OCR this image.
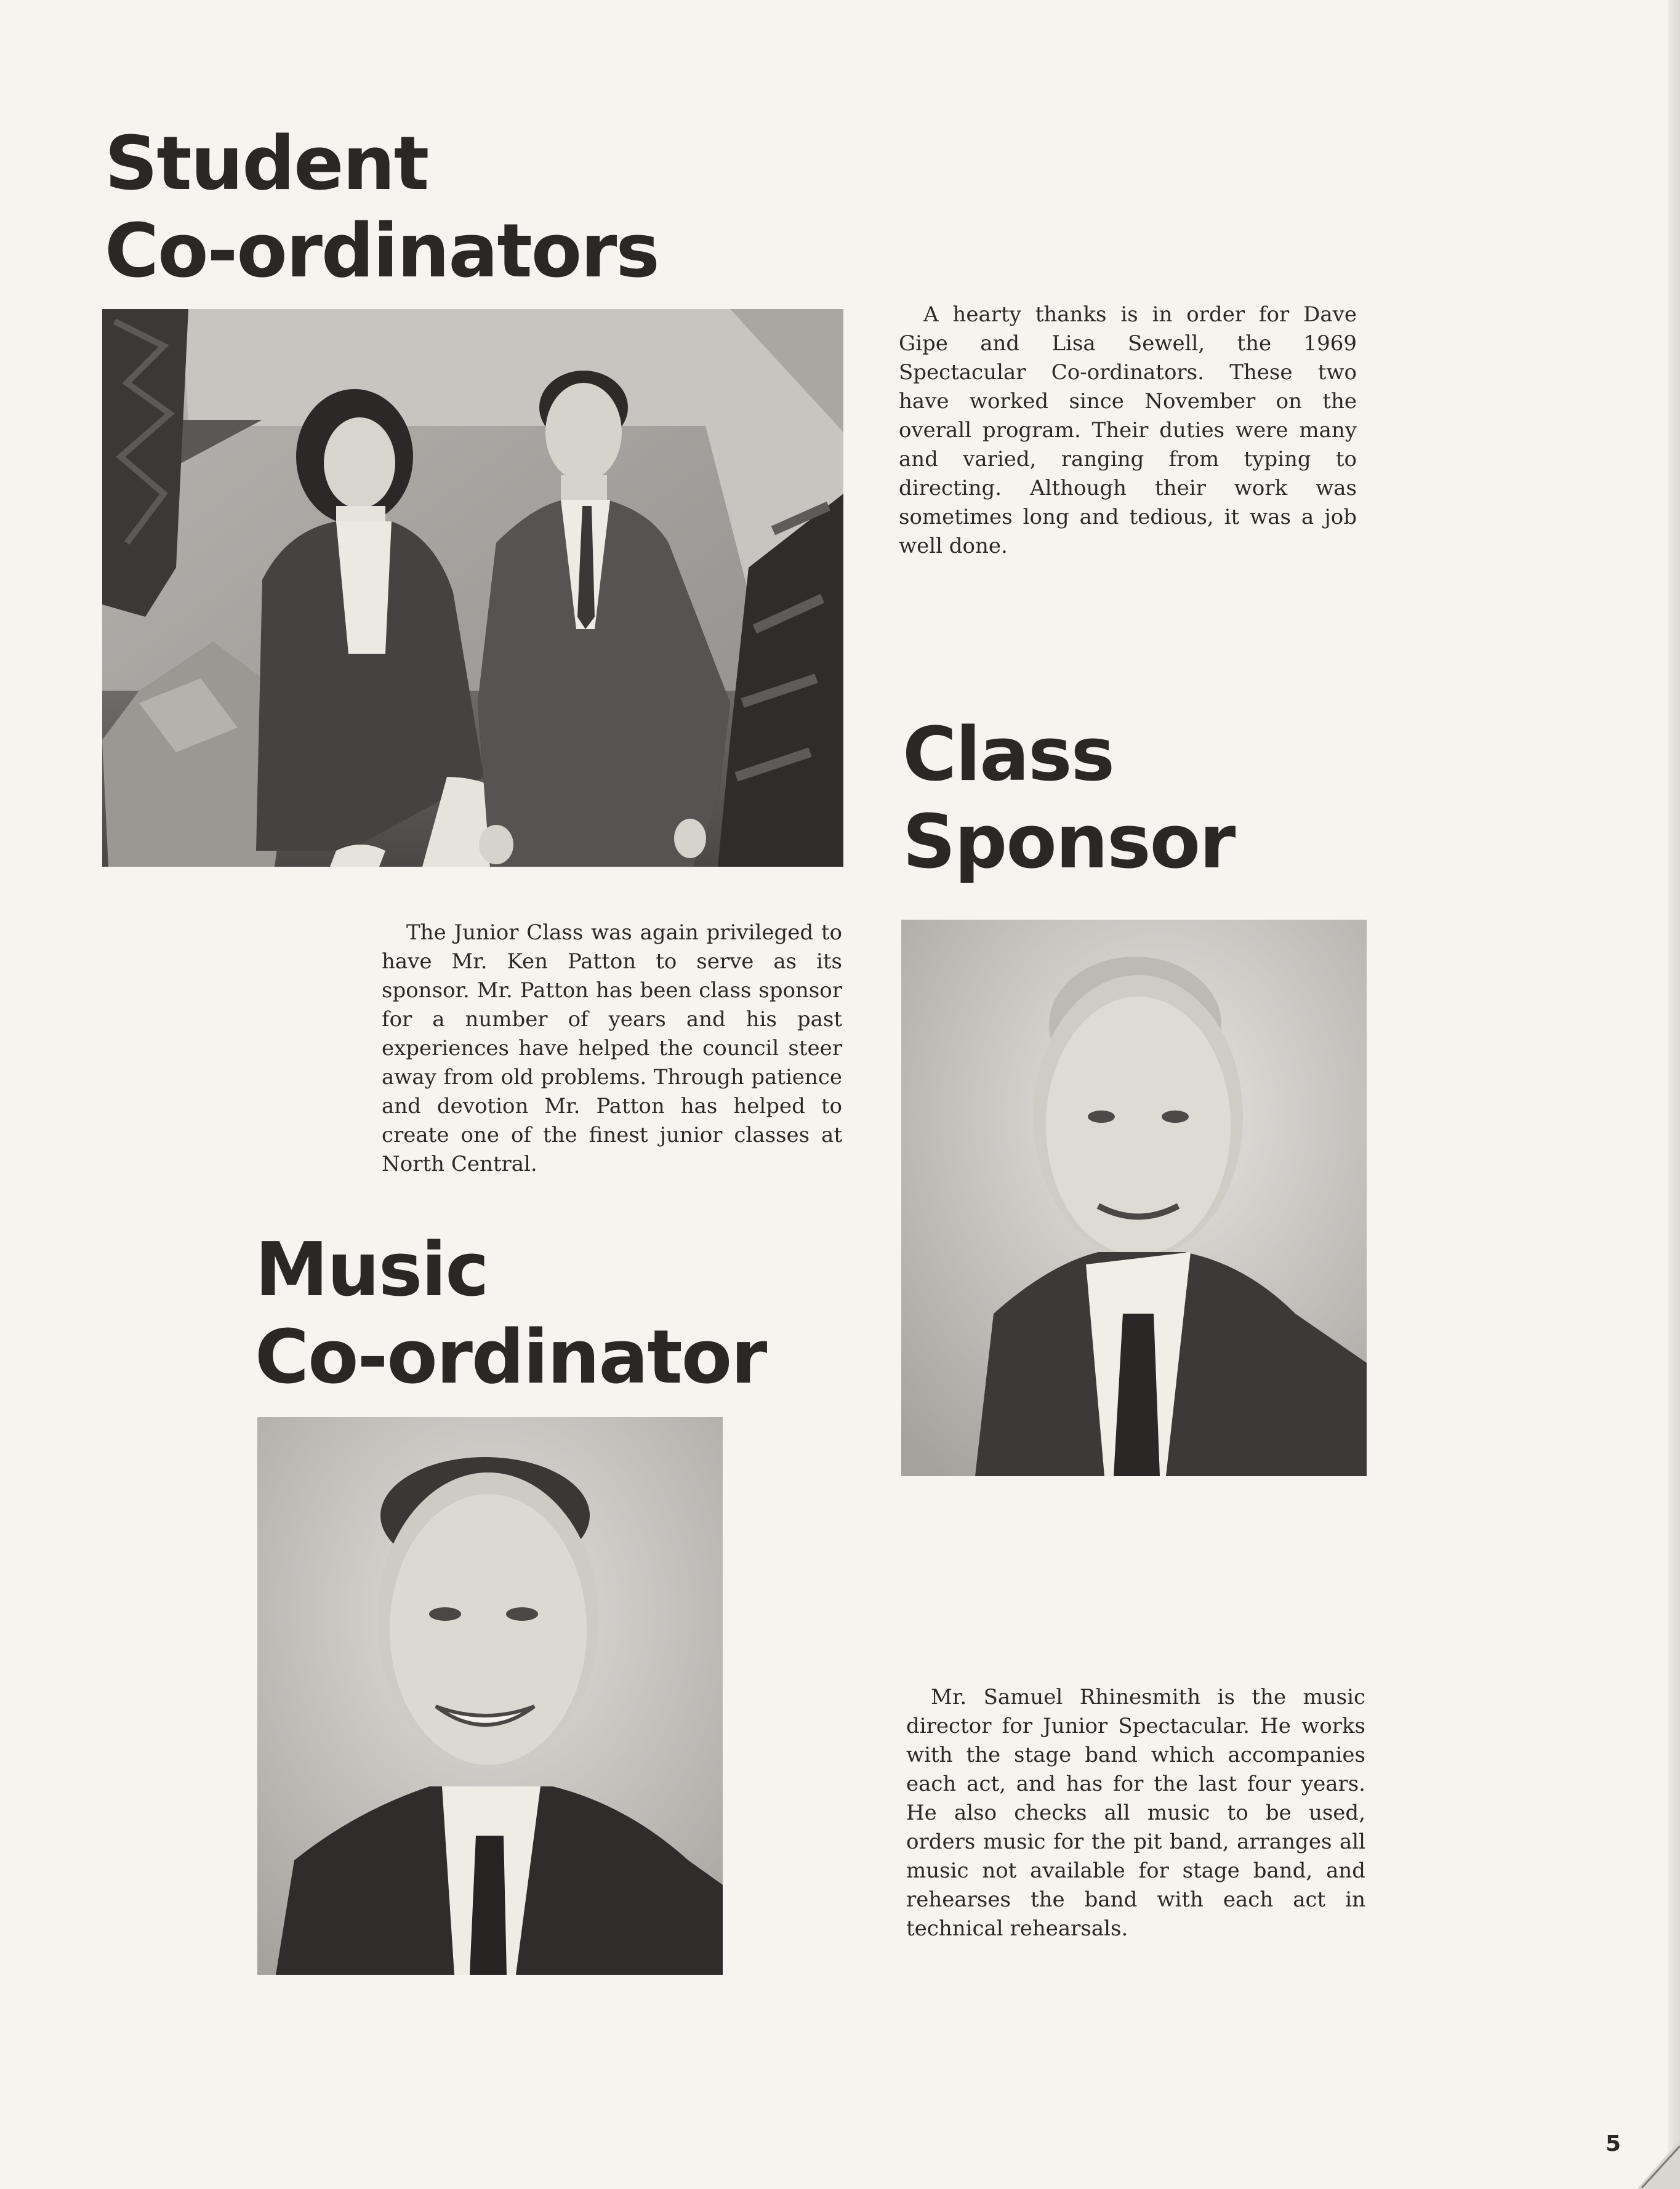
Student
Co-ordinators

A hearty thanks is in order for Dave Gipe and Lisa Sewell, the 1969 Spectacular Co-ordinators. These two have worked since November on the overall program. Their duties were many and varied, ranging from typing to directing. Although their work was sometimes long and tedious, it was a job well done.

Class
Sponsor

The Junior Class was again privileged to have Mr. Ken Patton to serve as its sponsor. Mr. Patton has been class sponsor for a number of years and his past experiences have helped the council steer away from old problems. Through patience and devotion Mr. Patton has helped to create one of the finest junior classes at North Central.

Music
Co-ordinator

Mr. Samuel Rhinesmith is the music director for Junior Spectacular. He works with the stage band which accompanies each act, and has for the last four years. He also checks all music to be used, orders music for the pit band, arranges all music not available for stage band, and rehearses the band with each act in technical rehearsals.

5
